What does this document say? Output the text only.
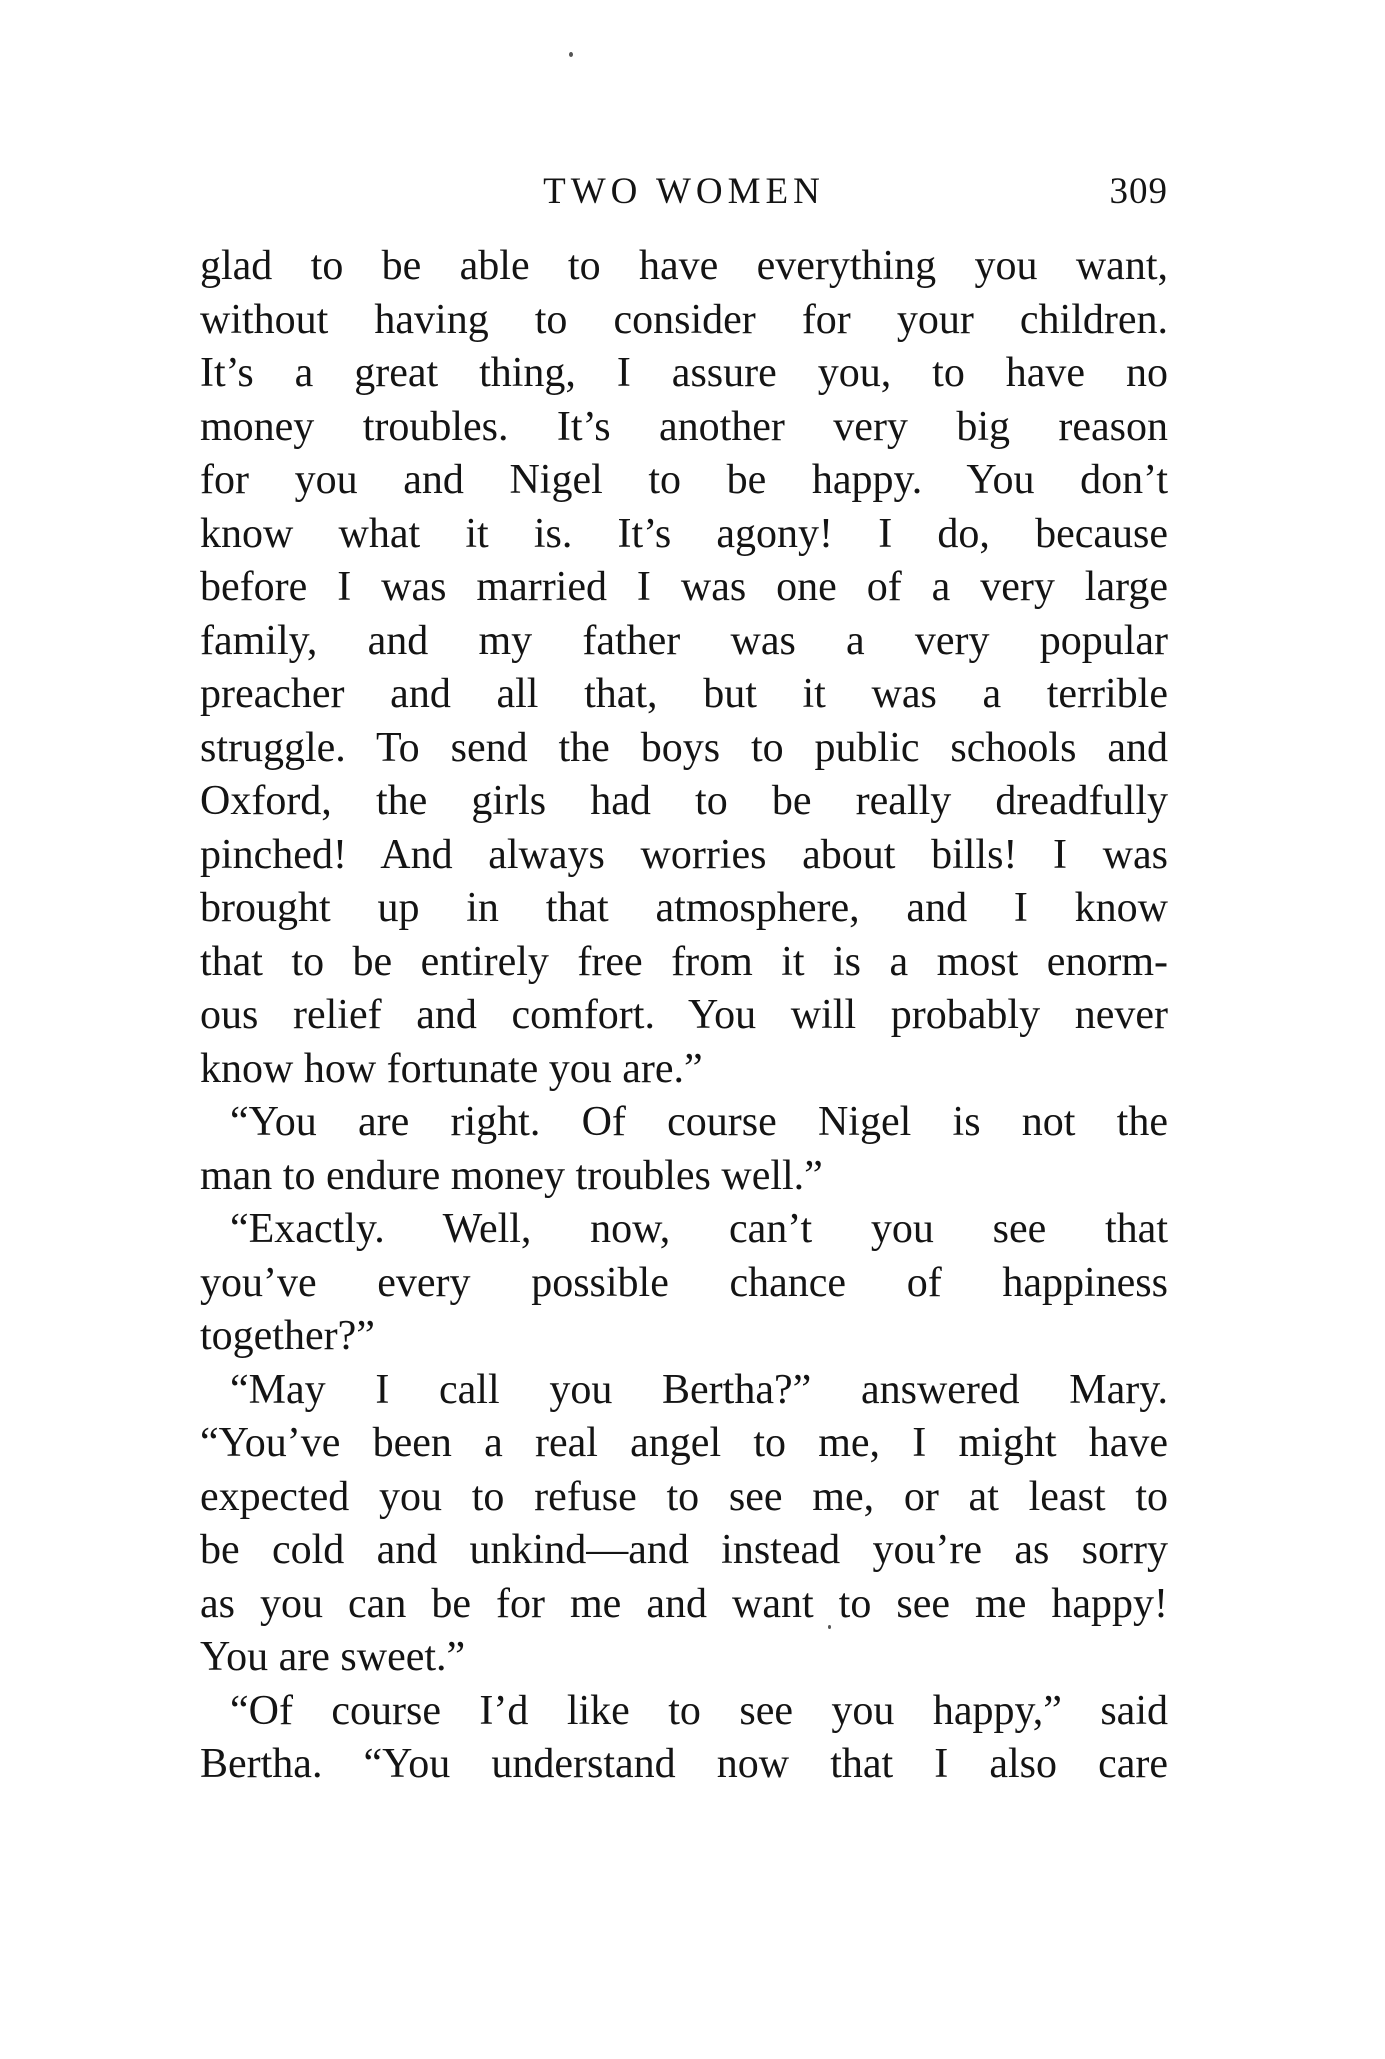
TWO WOMEN	309
glad to be able to have everything you want,
without having to consider for your children.
It’s a great thing, I assure you, to have no
money troubles. It’s another very big reason
for you and Nigel to be happy. You don’t
know what it is. It’s agony! I do, because
before I was married I was one of a very large
family, and my father was a very popular
preacher and all that, but it was a terrible
struggle. To send the boys to public schools and
Oxford, the girls had to be really dreadfully
pinched! And always worries about bills! I was
brought up in that atmosphere, and I know
that to be entirely free from it is a most enorm-
ous relief and comfort. You will probably never
know how fortunate you are.”
“You are right. Of course Nigel is not the
man to endure money troubles well.”
“Exactly. Well, now, can’t you see that
you’ve every possible chance of happiness
together?”
“May I call you Bertha?” answered Mary.
“You’ve been a real angel to me, I might have
expected you to refuse to see me, or at least to
be cold and unkind—and instead you’re as sorry
as you can be for me and want to see me happy!
You are sweet.”
“Of course I’d like to see you happy,” said
Bertha. “You understand now that I also care
